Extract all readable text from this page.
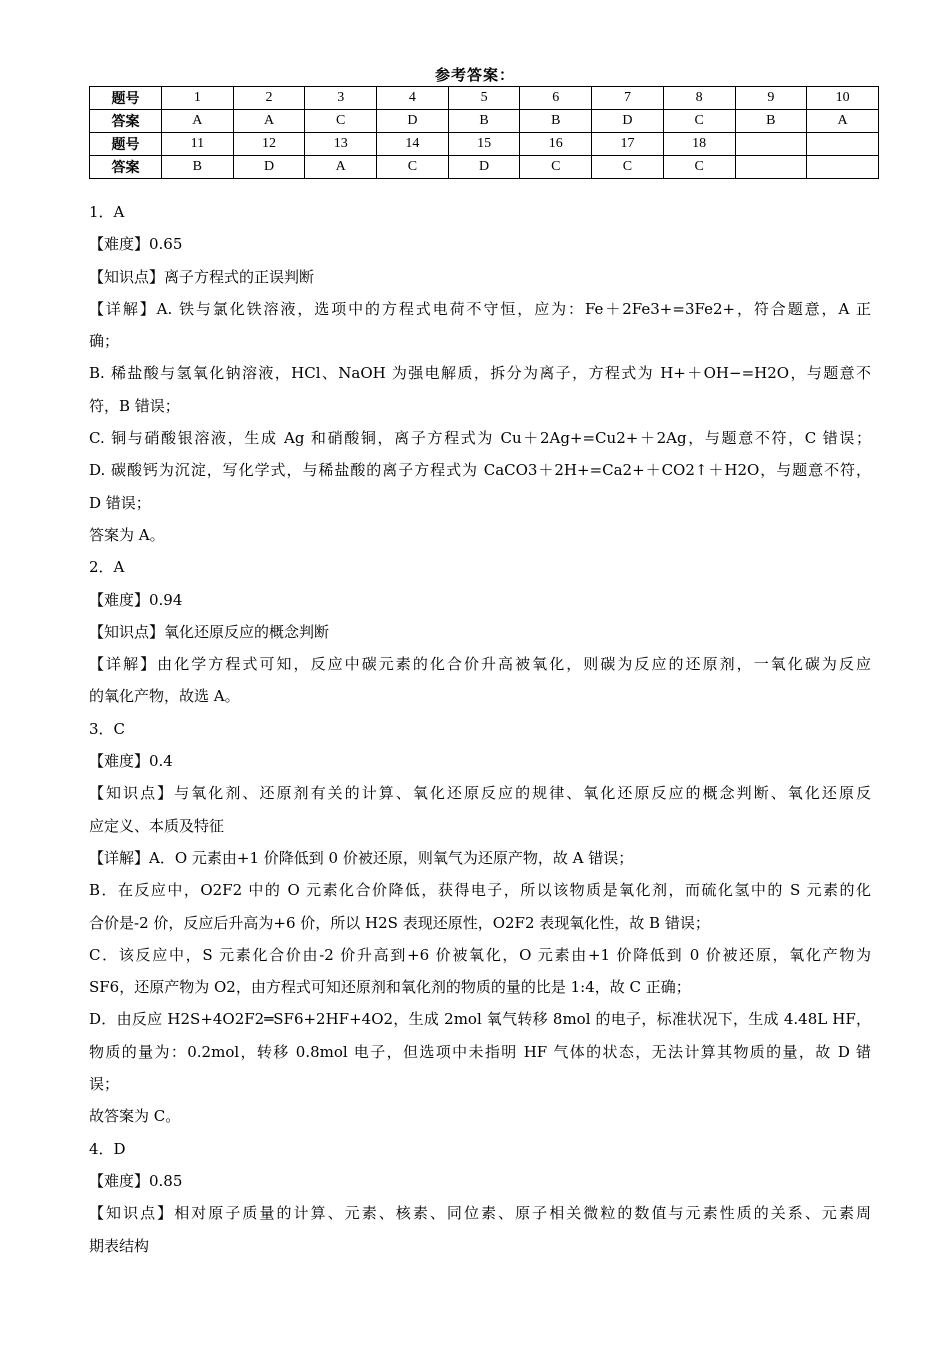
参考答案：
题号	1	2	3	4	5	6	7	8	9	10
答案	A	A	C	D	B	B	D	C	B	A
题号	11	12	13	14	15	16	17	18		
答案	B	D	A	C	D	C	C	C		
1．A
【难度】0.65
【知识点】离子方程式的正误判断
【详解】A. 铁与氯化铁溶液，选项中的方程式电荷不守恒，应为：Fe＋2Fe3+=3Fe2+，符合题意，A 正
确；
B. 稀盐酸与氢氧化钠溶液，HCl、NaOH 为强电解质，拆分为离子，方程式为 H+＋OH−=H2O，与题意不
符，B 错误；
C. 铜与硝酸银溶液，生成 Ag 和硝酸铜，离子方程式为 Cu＋2Ag+=Cu2+＋2Ag，与题意不符，C 错误；
D. 碳酸钙为沉淀，写化学式，与稀盐酸的离子方程式为 CaCO3＋2H+=Ca2+＋CO2↑＋H2O，与题意不符，
D 错误；
答案为 A。
2．A
【难度】0.94
【知识点】氧化还原反应的概念判断
【详解】由化学方程式可知，反应中碳元素的化合价升高被氧化，则碳为反应的还原剂，一氧化碳为反应
的氧化产物，故选 A。
3．C
【难度】0.4
【知识点】与氧化剂、还原剂有关的计算、氧化还原反应的规律、氧化还原反应的概念判断、氧化还原反
应定义、本质及特征
【详解】A．O 元素由+1 价降低到 0 价被还原，则氧气为还原产物，故 A 错误；
B．在反应中，O2F2 中的 O 元素化合价降低，获得电子，所以该物质是氧化剂，而硫化氢中的 S 元素的化
合价是-2 价，反应后升高为+6 价，所以 H2S 表现还原性，O2F2 表现氧化性，故 B 错误；
C．该反应中，S 元素化合价由-2 价升高到+6 价被氧化，O 元素由+1 价降低到 0 价被还原，氧化产物为
SF6，还原产物为 O2，由方程式可知还原剂和氧化剂的物质的量的比是 1:4，故 C 正确；
D．由反应 H2S+4O2F2═SF6+2HF+4O2，生成 2mol 氧气转移 8mol 的电子，标准状况下，生成 4.48L HF，
物质的量为：0.2mol，转移 0.8mol 电子，但选项中未指明 HF 气体的状态，无法计算其物质的量，故 D 错
误；
故答案为 C。
4．D
【难度】0.85
【知识点】相对原子质量的计算、元素、核素、同位素、原子相关微粒的数值与元素性质的关系、元素周
期表结构
